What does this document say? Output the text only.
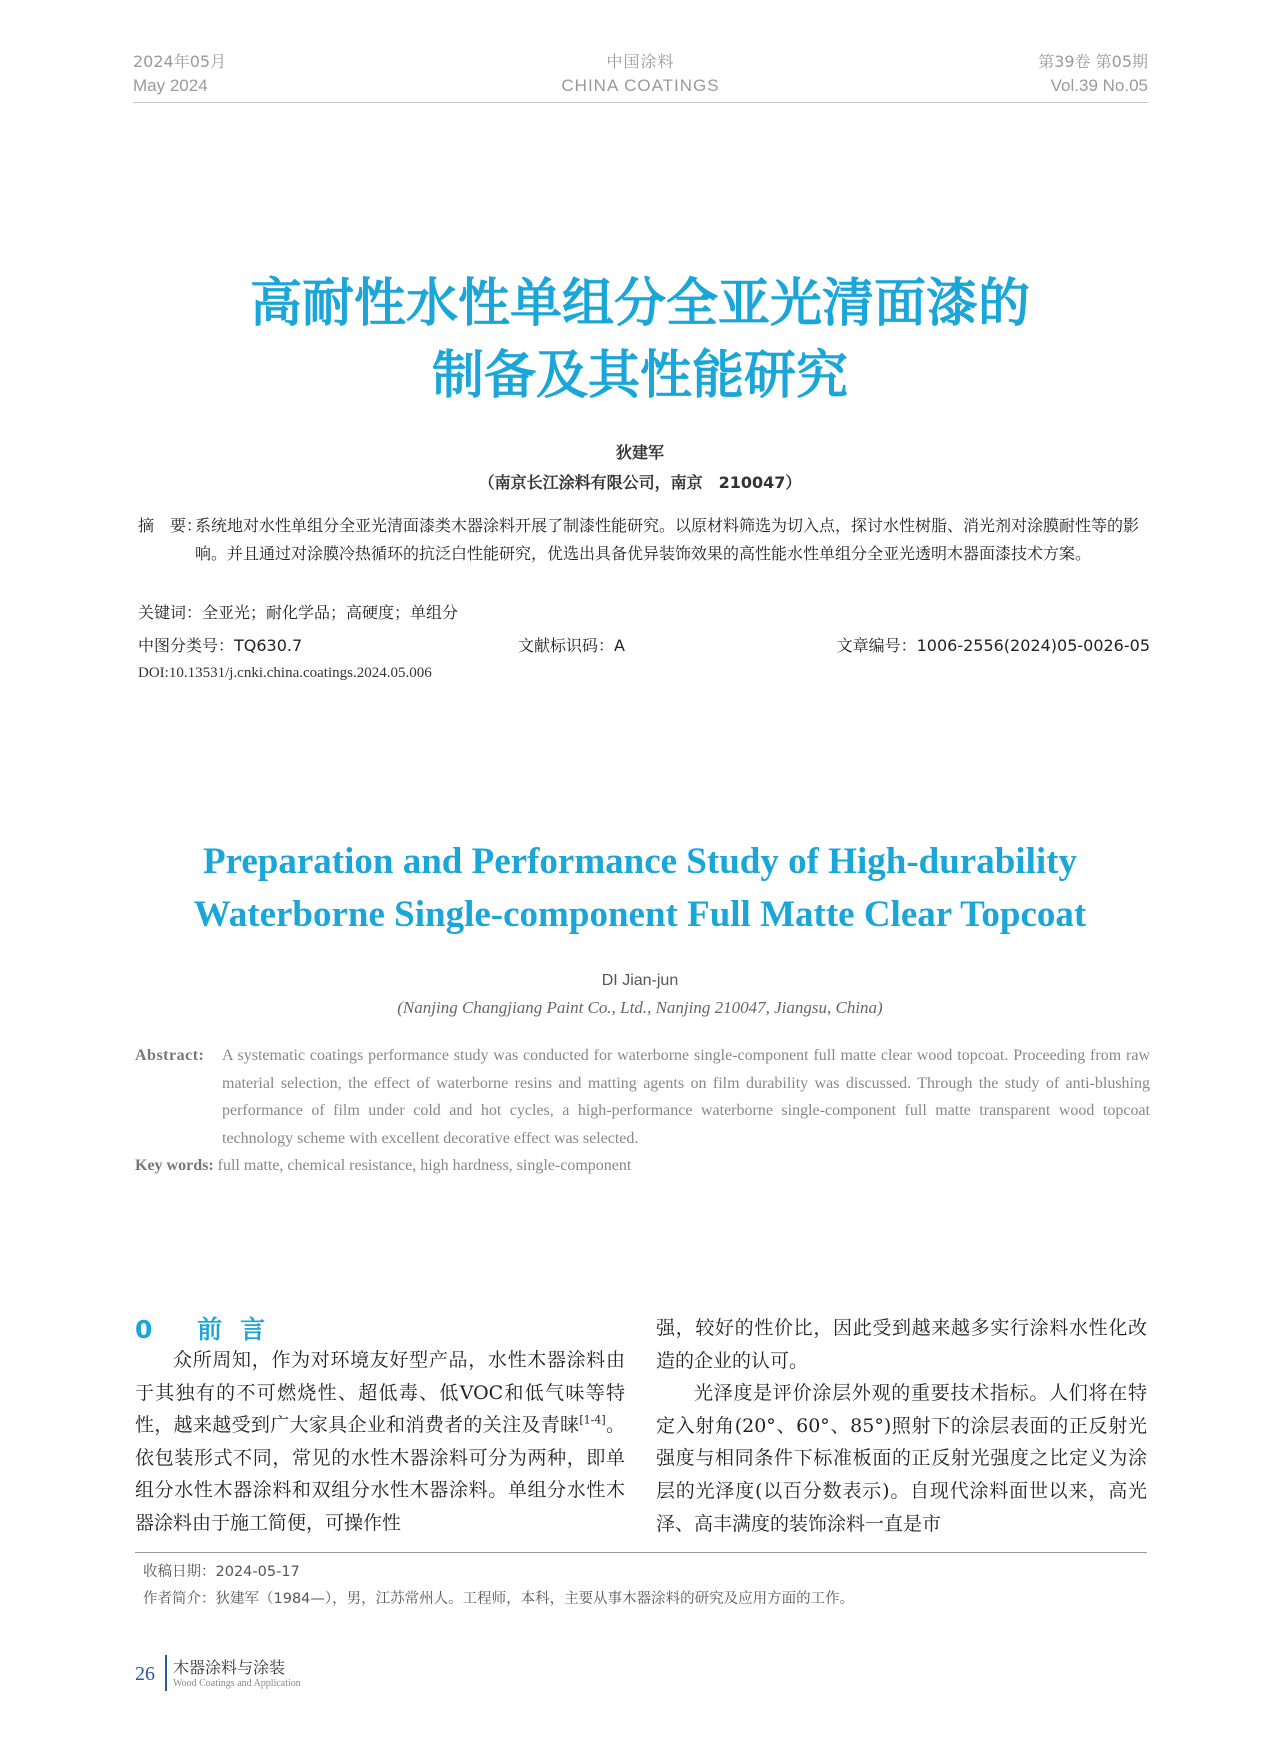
2024年05月
May 2024
中国涂料
CHINA COATINGS
第39卷 第05期
Vol.39 No.05
高耐性水性单组分全亚光清面漆的
制备及其性能研究
狄建军
（南京长江涂料有限公司，南京　210047）
摘　要：
系统地对水性单组分全亚光清面漆类木器涂料开展了制漆性能研究。以原材料筛选为切入点，探讨水性树脂、消光剂对涂膜耐性等的影响。并且通过对涂膜冷热循环的抗泛白性能研究，优选出具备优异装饰效果的高性能水性单组分全亚光透明木器面漆技术方案。
关键词：全亚光；耐化学品；高硬度；单组分
中图分类号：TQ630.7	文献标识码：A	文章编号：1006-2556(2024)05-0026-05
DOI:10.13531/j.cnki.china.coatings.2024.05.006
Preparation and Performance Study of High-durability
Waterborne Single-component Full Matte Clear Topcoat
DI Jian-jun
(Nanjing Changjiang Paint Co., Ltd., Nanjing 210047, Jiangsu, China)
Abstract: A systematic coatings performance study was conducted for waterborne single-component full matte clear wood topcoat. Proceeding from raw material selection, the effect of waterborne resins and matting agents on film durability was discussed. Through the study of anti-blushing performance of film under cold and hot cycles, a high-performance waterborne single-component full matte transparent wood topcoat technology scheme with excellent decorative effect was selected.
Key words: full matte, chemical resistance, high hardness, single-component
0 前言

众所周知，作为对环境友好型产品，水性木器涂料由于其独有的不可燃烧性、超低毒、低VOC和低气味等特性，越来越受到广大家具企业和消费者的关注及青睐[1-4]。依包装形式不同，常见的水性木器涂料可分为两种，即单组分水性木器涂料和双组分水性木器涂料。单组分水性木器涂料由于施工简便，可操作性

强，较好的性价比，因此受到越来越多实行涂料水性化改造的企业的认可。

光泽度是评价涂层外观的重要技术指标。人们将在特定入射角(20°、60°、85°)照射下的涂层表面的正反射光强度与相同条件下标准板面的正反射光强度之比定义为涂层的光泽度(以百分数表示)。自现代涂料面世以来，高光泽、高丰满度的装饰涂料一直是市

收稿日期：2024-05-17
作者简介：狄建军（1984—），男，江苏常州人。工程师，本科，主要从事木器涂料的研究及应用方面的工作。
26 木器涂料与涂装
Wood Coatings and Application
